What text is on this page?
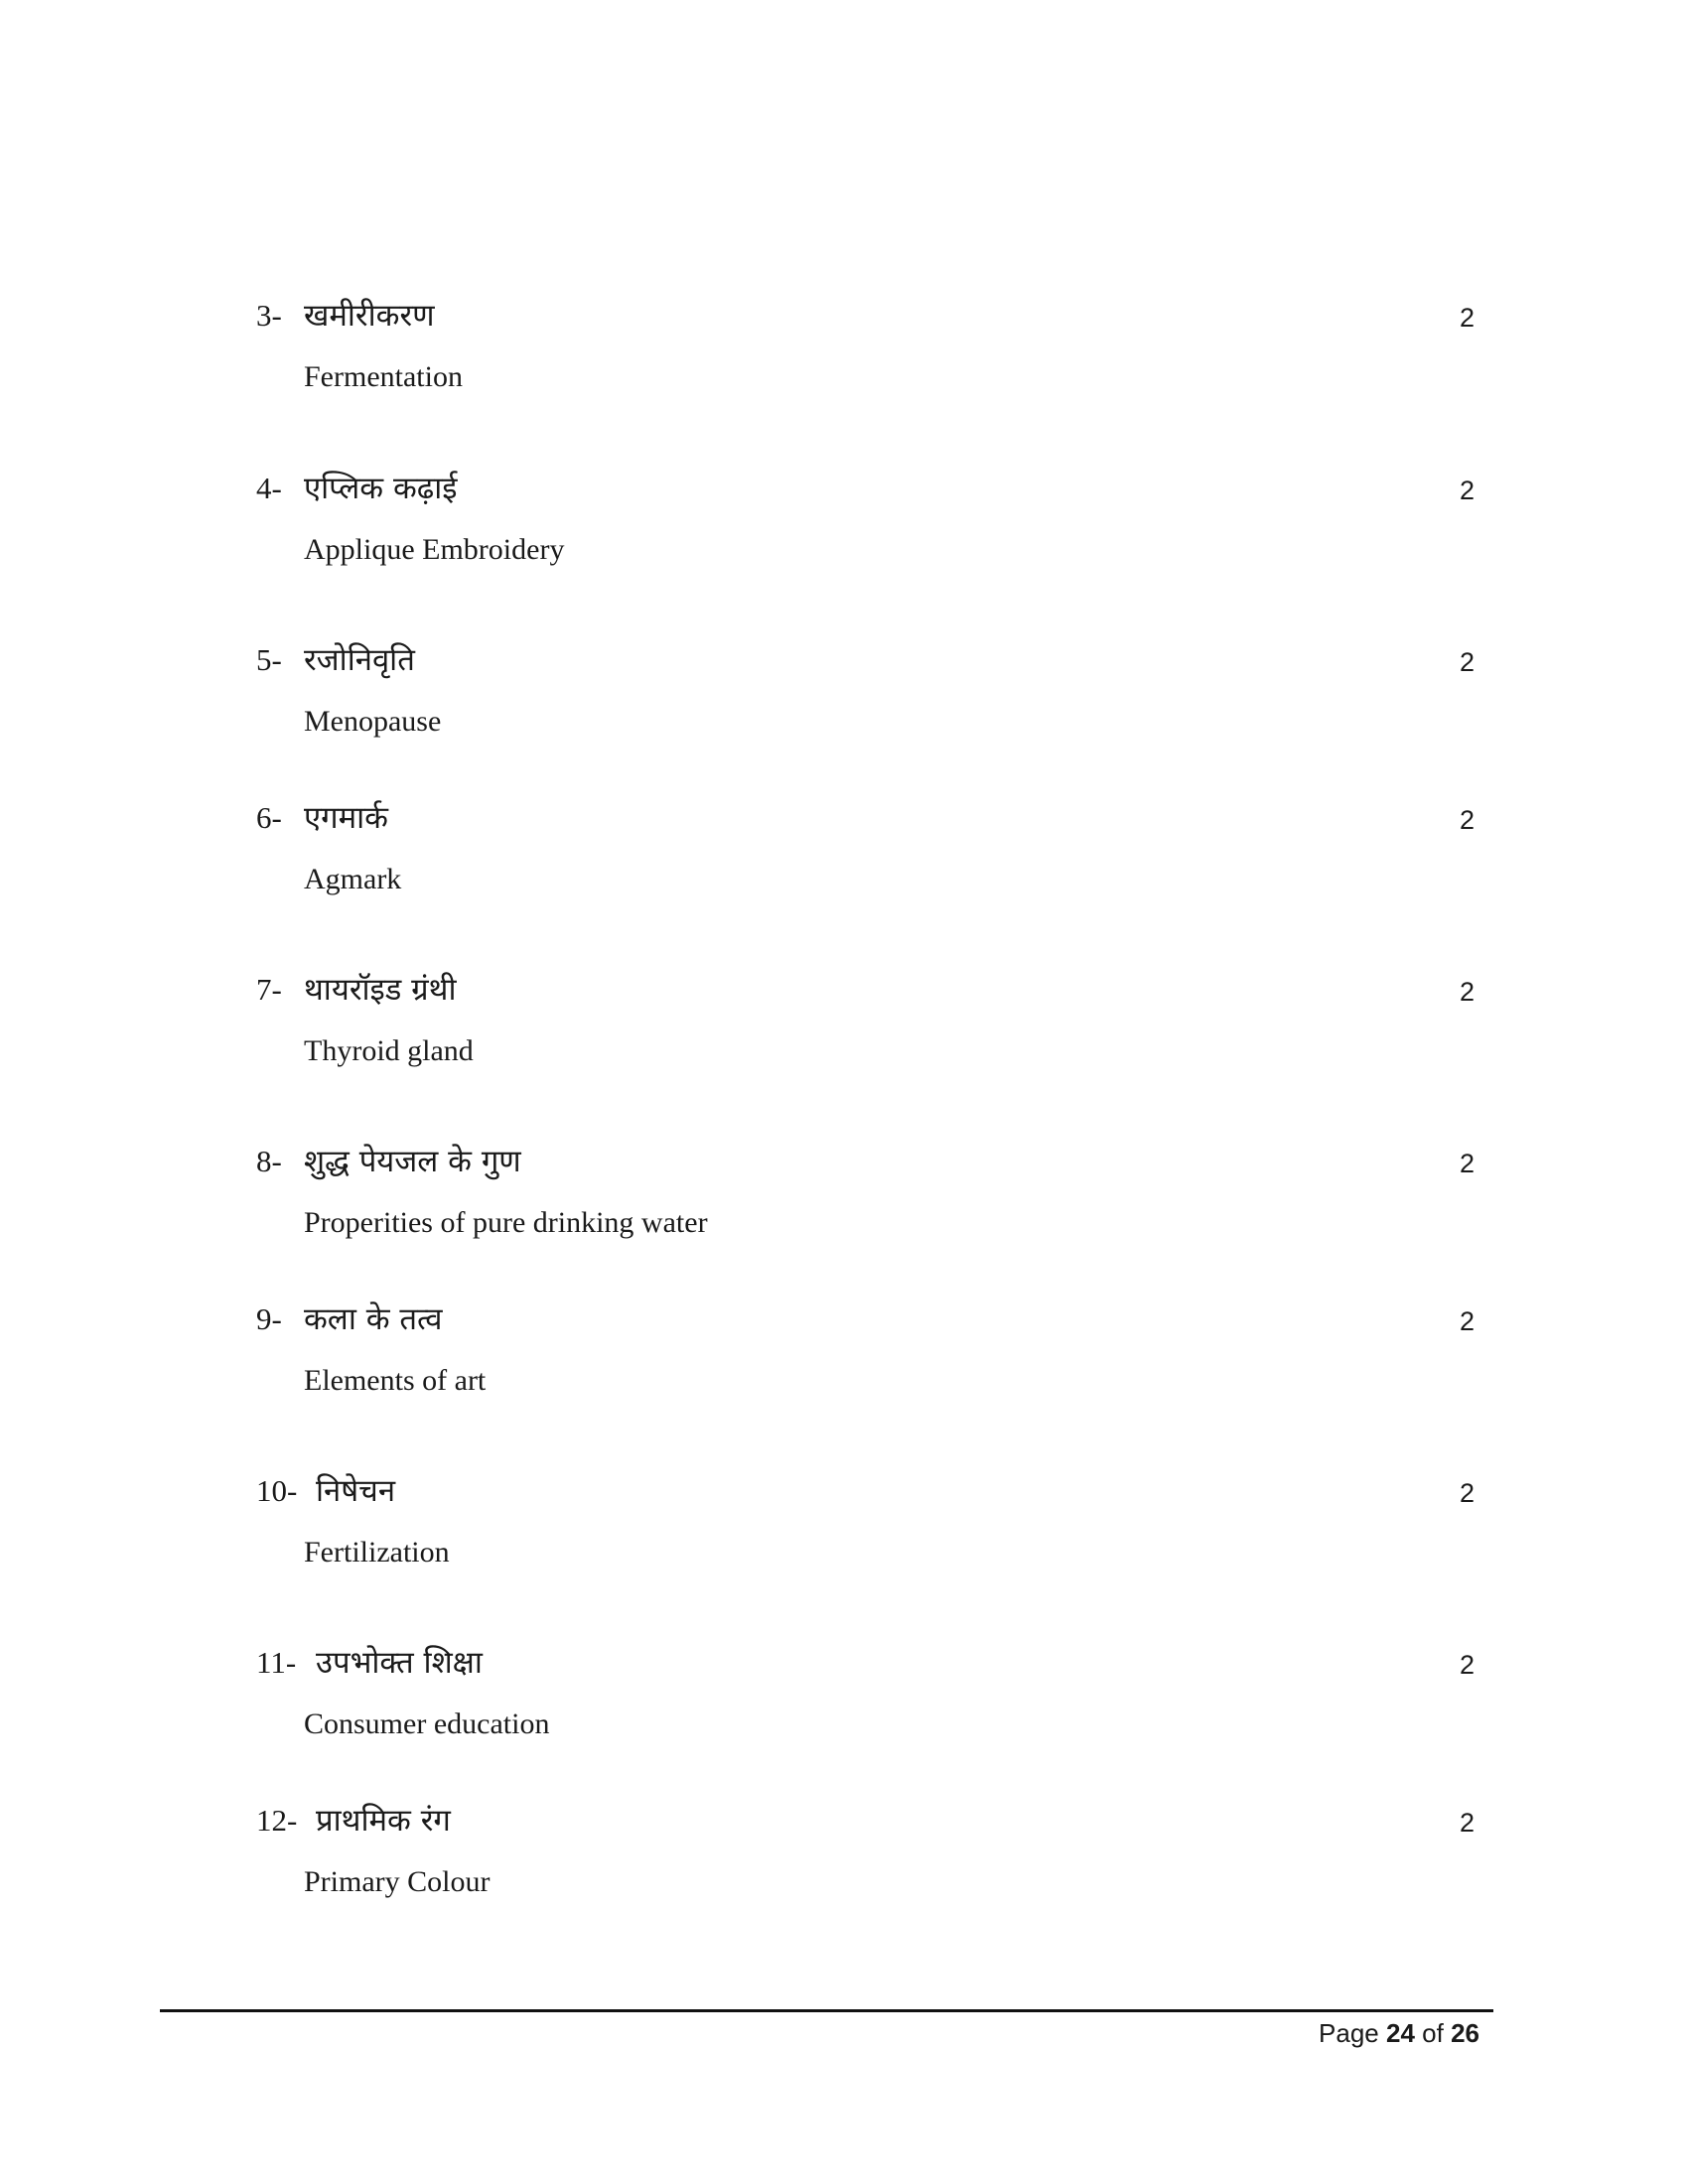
3- खमीरीकरण
Fermentation
2
4- एप्लिक कढ़ाई
Applique Embroidery
2
5- रजोनिवृति
Menopause
2
6- एगमार्क
Agmark
2
7- थायरॉइड ग्रंथी
Thyroid gland
2
8- शुद्ध पेयजल के गुण
Properities of pure drinking water
2
9- कला के तत्व
Elements of art
2
10- निषेचन
Fertilization
2
11- उपभोक्त शिक्षा
Consumer education
2
12- प्राथमिक रंग
Primary Colour
2
Page 24 of 26
